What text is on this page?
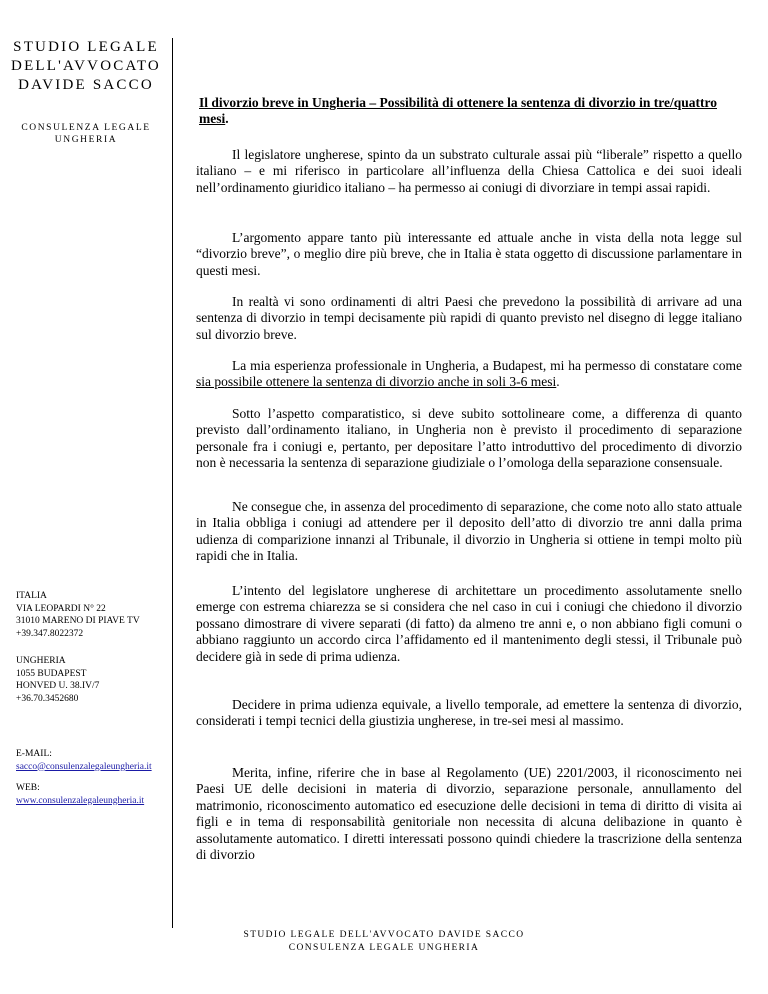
STUDIO LEGALE
DELL'AVVOCATO
DAVIDE SACCO
CONSULENZA LEGALE
UNGHERIA
ITALIA
VIA LEOPARDI N° 22
31010 MARENO DI PIAVE TV
+39.347.8022372
UNGHERIA
1055 BUDAPEST
HONVED U. 38.IV/7
+36.70.3452680
E-MAIL:
sacco@consulenzalegaleungheria.it
WEB:
www.consulenzalegaleungheria.it
Il divorzio breve in Ungheria – Possibilità di ottenere la sentenza di divorzio in tre/quattro mesi.

Il legislatore ungherese, spinto da un substrato culturale assai più “liberale” rispetto a quello italiano – e mi riferisco in particolare all’influenza della Chiesa Cattolica e dei suoi ideali nell’ordinamento giuridico italiano – ha permesso ai coniugi di divorziare in tempi assai rapidi.

L’argomento appare tanto più interessante ed attuale anche in vista della nota legge sul “divorzio breve”, o meglio dire più breve, che in Italia è stata oggetto di discussione parlamentare in questi mesi.

In realtà vi sono ordinamenti di altri Paesi che prevedono la possibilità di arrivare ad una sentenza di divorzio in tempi decisamente più rapidi di quanto previsto nel disegno di legge italiano sul divorzio breve.

La mia esperienza professionale in Ungheria, a Budapest, mi ha permesso di constatare come sia possibile ottenere la sentenza di divorzio anche in soli 3-6 mesi.

Sotto l’aspetto comparatistico, si deve subito sottolineare come, a differenza di quanto previsto dall’ordinamento italiano, in Ungheria non è previsto il procedimento di separazione personale fra i coniugi e, pertanto, per depositare l’atto introduttivo del procedimento di divorzio non è necessaria la sentenza di separazione giudiziale o l’omologa della separazione consensuale.

Ne consegue che, in assenza del procedimento di separazione, che come noto allo stato attuale in Italia obbliga i coniugi ad attendere per il deposito dell’atto di divorzio tre anni dalla prima udienza di comparizione innanzi al Tribunale, il divorzio in Ungheria si ottiene in tempi molto più rapidi che in Italia.

L’intento del legislatore ungherese di architettare un procedimento assolutamente snello emerge con estrema chiarezza se si considera che nel caso in cui i coniugi che chiedono il divorzio possano dimostrare di vivere separati (di fatto) da almeno tre anni e, o non abbiano figli comuni o abbiano raggiunto un accordo circa l’affidamento ed il mantenimento degli stessi, il Tribunale può decidere già in sede di prima udienza.

Decidere in prima udienza equivale, a livello temporale, ad emettere la sentenza di divorzio, considerati i tempi tecnici della giustizia ungherese, in tre-sei mesi al massimo.

Merita, infine, riferire che in base al Regolamento (UE) 2201/2003, il riconoscimento nei Paesi UE delle decisioni in materia di divorzio, separazione personale, annullamento del matrimonio, riconoscimento automatico ed esecuzione delle decisioni in tema di diritto di visita ai figli e in tema di responsabilità genitoriale non necessita di alcuna delibazione in quanto è assolutamente automatico. I diretti interessati possono quindi chiedere la trascrizione della sentenza di divorzio

STUDIO LEGALE DELL'AVVOCATO DAVIDE SACCO
CONSULENZA LEGALE UNGHERIA
